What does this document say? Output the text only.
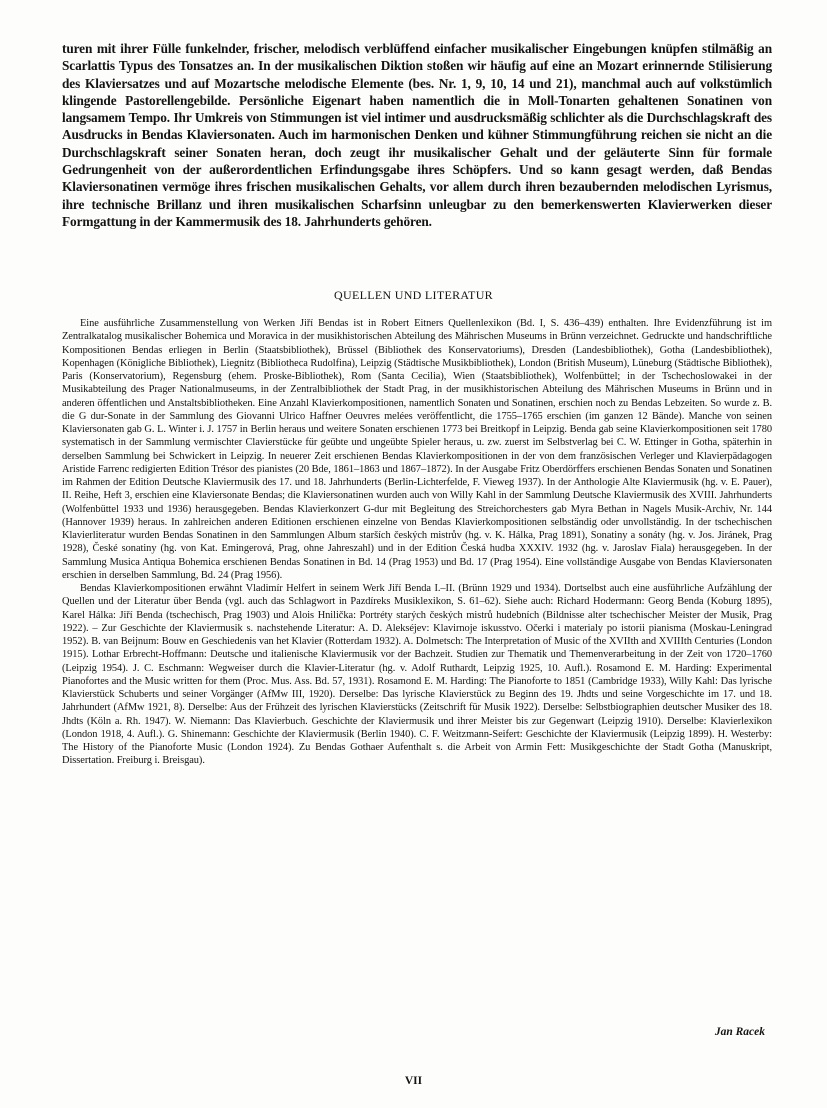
turen mit ihrer Fülle funkelnder, frischer, melodisch verblüffend einfacher musikalischer Eingebungen knüpfen stilmäßig an Scarlattis Typus des Tonsatzes an. In der musikalischen Diktion stoßen wir häufig auf eine an Mozart erinnernde Stilisierung des Klaviersatzes und auf Mozartsche melodische Elemente (bes. Nr. 1, 9, 10, 14 und 21), manchmal auch auf volkstümlich klingende Pastorellengebilde. Persönliche Eigenart haben namentlich die in Moll-Tonarten gehaltenen Sonatinen von langsamem Tempo. Ihr Umkreis von Stimmungen ist viel intimer und ausdrucksmäßig schlichter als die Durchschlagskraft des Ausdrucks in Bendas Klaviersonaten. Auch im harmonischen Denken und kühner Stimmungführung reichen sie nicht an die Durchschlagskraft seiner Sonaten heran, doch zeugt ihr musikalischer Gehalt und der geläuterte Sinn für formale Gedrungenheit von der außerordentlichen Erfindungsgabe ihres Schöpfers. Und so kann gesagt werden, daß Bendas Klaviersonatinen vermöge ihres frischen musikalischen Gehalts, vor allem durch ihren bezaubernden melodischen Lyrismus, ihre technische Brillanz und ihren musikalischen Scharfsinn unleugbar zu den bemerkenswerten Klavierwerken dieser Formgattung in der Kammermusik des 18. Jahrhunderts gehören.

QUELLEN UND LITERATUR

Eine ausführliche Zusammenstellung von Werken Jiří Bendas ist in Robert Eitners Quellenlexikon (Bd. I, S. 436–439) enthalten. Ihre Evidenzführung ist im Zentralkatalog musikalischer Bohemica und Moravica in der musikhistorischen Abteilung des Mährischen Museums in Brünn verzeichnet. Gedruckte und handschriftliche Kompositionen Bendas erliegen in Berlin (Staatsbibliothek), Brüssel (Bibliothek des Konservatoriums), Dresden (Landesbibliothek), Gotha (Landesbibliothek), Kopenhagen (Königliche Bibliothek), Liegnitz (Bibliotheca Rudolfina), Leipzig (Städtische Musikbibliothek), London (British Museum), Lüneburg (Städtische Bibliothek), Paris (Konservatorium), Regensburg (ehem. Proske-Bibliothek), Rom (Santa Cecilia), Wien (Staatsbibliothek), Wolfenbüttel; in der Tschechoslowakei in der Musikabteilung des Prager Nationalmuseums, in der Zentralbibliothek der Stadt Prag, in der musikhistorischen Abteilung des Mährischen Museums in Brünn und in anderen öffentlichen und Anstaltsbibliotheken. Eine Anzahl Klavierkompositionen, namentlich Sonaten und Sonatinen, erschien noch zu Bendas Lebzeiten. So wurde z. B. die G dur-Sonate in der Sammlung des Giovanni Ulrico Haffner Oeuvres melées veröffentlicht, die 1755–1765 erschien (im ganzen 12 Bände). Manche von seinen Klaviersonaten gab G. L. Winter i. J. 1757 in Berlin heraus und weitere Sonaten erschienen 1773 bei Breitkopf in Leipzig. Benda gab seine Klavierkompositionen seit 1780 systematisch in der Sammlung vermischter Clavierstücke für geübte und ungeübte Spieler heraus, u. zw. zuerst im Selbstverlag bei C. W. Ettinger in Gotha, späterhin in derselben Sammlung bei Schwickert in Leipzig. In neuerer Zeit erschienen Bendas Klavierkompositionen in der von dem französischen Verleger und Klavierpädagogen Aristide Farrenc redigierten Edition Trésor des pianistes (20 Bde, 1861–1863 und 1867–1872). In der Ausgabe Fritz Oberdörffers erschienen Bendas Sonaten und Sonatinen im Rahmen der Edition Deutsche Klaviermusik des 17. und 18. Jahrhunderts (Berlin-Lichterfelde, F. Vieweg 1937). In der Anthologie Alte Klaviermusik (hg. v. E. Pauer), II. Reihe, Heft 3, erschien eine Klaviersonate Bendas; die Klaviersonatinen wurden auch von Willy Kahl in der Sammlung Deutsche Klaviermusik des XVIII. Jahrhunderts (Wolfenbüttel 1933 und 1936) herausgegeben. Bendas Klavierkonzert G-dur mit Begleitung des Streichorchesters gab Myra Bethan in Nagels Musik-Archiv, Nr. 144 (Hannover 1939) heraus. In zahlreichen anderen Editionen erschienen einzelne von Bendas Klavierkompositionen selbständig oder unvollständig. In der tschechischen Klavierliteratur wurden Bendas Sonatinen in den Sammlungen Album starších českých mistrův (hg. v. K. Hálka, Prag 1891), Sonatiny a sonáty (hg. v. Jos. Jiránek, Prag 1928), České sonatiny (hg. von Kat. Emingerová, Prag, ohne Jahreszahl) und in der Edition Česká hudba XXXIV. 1932 (hg. v. Jaroslav Fiala) herausgegeben. In der Sammlung Musica Antiqua Bohemica erschienen Bendas Sonatinen in Bd. 14 (Prag 1953) und Bd. 17 (Prag 1954). Eine vollständige Ausgabe von Bendas Klaviersonaten erschien in derselben Sammlung, Bd. 24 (Prag 1956).

Bendas Klavierkompositionen erwähnt Vladimír Helfert in seinem Werk Jiří Benda I.–II. (Brünn 1929 und 1934). Dortselbst auch eine ausführliche Aufzählung der Quellen und der Literatur über Benda (vgl. auch das Schlagwort in Pazdíreks Musiklexikon, S. 61–62). Siehe auch: Richard Hodermann: Georg Benda (Koburg 1895), Karel Hálka: Jiří Benda (tschechisch, Prag 1903) und Alois Hnilička: Portréty starých českých mistrů hudebních (Bildnisse alter tschechischer Meister der Musik, Prag 1922). – Zur Geschichte der Klaviermusik s. nachstehende Literatur: A. D. Alekséjev: Klavirnoje iskusstvo. Očerki i materialy po istorii pianisma (Moskau-Leningrad 1952). B. van Beijnum: Bouw en Geschiedenis van het Klavier (Rotterdam 1932). A. Dolmetsch: The Interpretation of Music of the XVIIth and XVIIIth Centuries (London 1915). Lothar Erbrecht-Hoffmann: Deutsche und italienische Klaviermusik vor der Bachzeit. Studien zur Thematik und Themenverarbeitung in der Zeit von 1720–1760 (Leipzig 1954). J. C. Eschmann: Wegweiser durch die Klavier-Literatur (hg. v. Adolf Ruthardt, Leipzig 1925, 10. Aufl.). Rosamond E. M. Harding: Experimental Pianofortes and the Music written for them (Proc. Mus. Ass. Bd. 57, 1931). Rosamond E. M. Harding: The Pianoforte to 1851 (Cambridge 1933), Willy Kahl: Das lyrische Klavierstück Schuberts und seiner Vorgänger (AfMw III, 1920). Derselbe: Das lyrische Klavierstück zu Beginn des 19. Jhdts und seine Vorgeschichte im 17. und 18. Jahrhundert (AfMw 1921, 8). Derselbe: Aus der Frühzeit des lyrischen Klavierstücks (Zeitschrift für Musik 1922). Derselbe: Selbstbiographien deutscher Musiker des 18. Jhdts (Köln a. Rh. 1947). W. Niemann: Das Klavierbuch. Geschichte der Klaviermusik und ihrer Meister bis zur Gegenwart (Leipzig 1910). Derselbe: Klavierlexikon (London 1918, 4. Aufl.). G. Shinemann: Geschichte der Klaviermusik (Berlin 1940). C. F. Weitzmann-Seifert: Geschichte der Klaviermusik (Leipzig 1899). H. Westerby: The History of the Pianoforte Music (London 1924). Zu Bendas Gothaer Aufenthalt s. die Arbeit von Armin Fett: Musikgeschichte der Stadt Gotha (Manuskript, Dissertation. Freiburg i. Breisgau).

Jan Racek

VII
